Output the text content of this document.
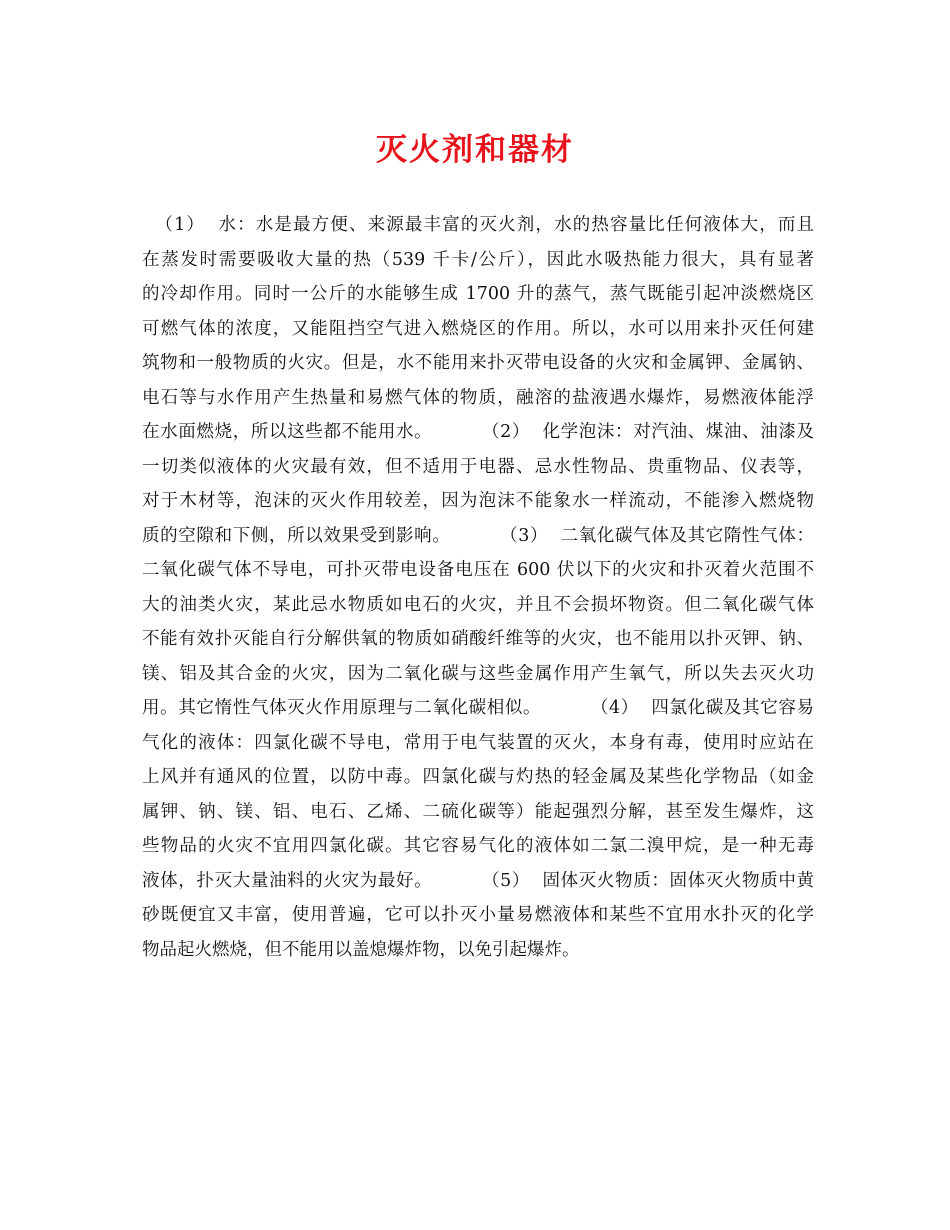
灭火剂和器材
（1）  水：水是最方便、来源最丰富的灭火剂，水的热容量比任何液体大，而且
在蒸发时需要吸收大量的热（539 千卡/公斤），因此水吸热能力很大，具有显著
的冷却作用。同时一公斤的水能够生成 1700 升的蒸气，蒸气既能引起冲淡燃烧区
可燃气体的浓度，又能阻挡空气进入燃烧区的作用。所以，水可以用来扑灭任何建
筑物和一般物质的火灾。但是，水不能用来扑灭带电设备的火灾和金属钾、金属钠、
电石等与水作用产生热量和易燃气体的物质，融溶的盐液遇水爆炸，易燃液体能浮
在水面燃烧，所以这些都不能用水。        （2）  化学泡沫：对汽油、煤油、油漆及
一切类似液体的火灾最有效，但不适用于电器、忌水性物品、贵重物品、仪表等，
对于木材等，泡沫的灭火作用较差，因为泡沫不能象水一样流动，不能渗入燃烧物
质的空隙和下侧，所以效果受到影响。        （3）  二氧化碳气体及其它隋性气体：
二氧化碳气体不导电，可扑灭带电设备电压在 600 伏以下的火灾和扑灭着火范围不
大的油类火灾，某此忌水物质如电石的火灾，并且不会损坏物资。但二氧化碳气体
不能有效扑灭能自行分解供氧的物质如硝酸纤维等的火灾，也不能用以扑灭钾、钠、
镁、铝及其合金的火灾，因为二氧化碳与这些金属作用产生氧气，所以失去灭火功
用。其它惰性气体灭火作用原理与二氧化碳相似。        （4）  四氯化碳及其它容易
气化的液体：四氯化碳不导电，常用于电气装置的灭火，本身有毒，使用时应站在
上风并有通风的位置，以防中毒。四氯化碳与灼热的轻金属及某些化学物品（如金
属钾、钠、镁、铝、电石、乙烯、二硫化碳等）能起强烈分解，甚至发生爆炸，这
些物品的火灾不宜用四氯化碳。其它容易气化的液体如二氯二溴甲烷，是一种无毒
液体，扑灭大量油料的火灾为最好。        （5）  固体灭火物质：固体灭火物质中黄
砂既便宜又丰富，使用普遍，它可以扑灭小量易燃液体和某些不宜用水扑灭的化学
物品起火燃烧，但不能用以盖熄爆炸物，以免引起爆炸。
